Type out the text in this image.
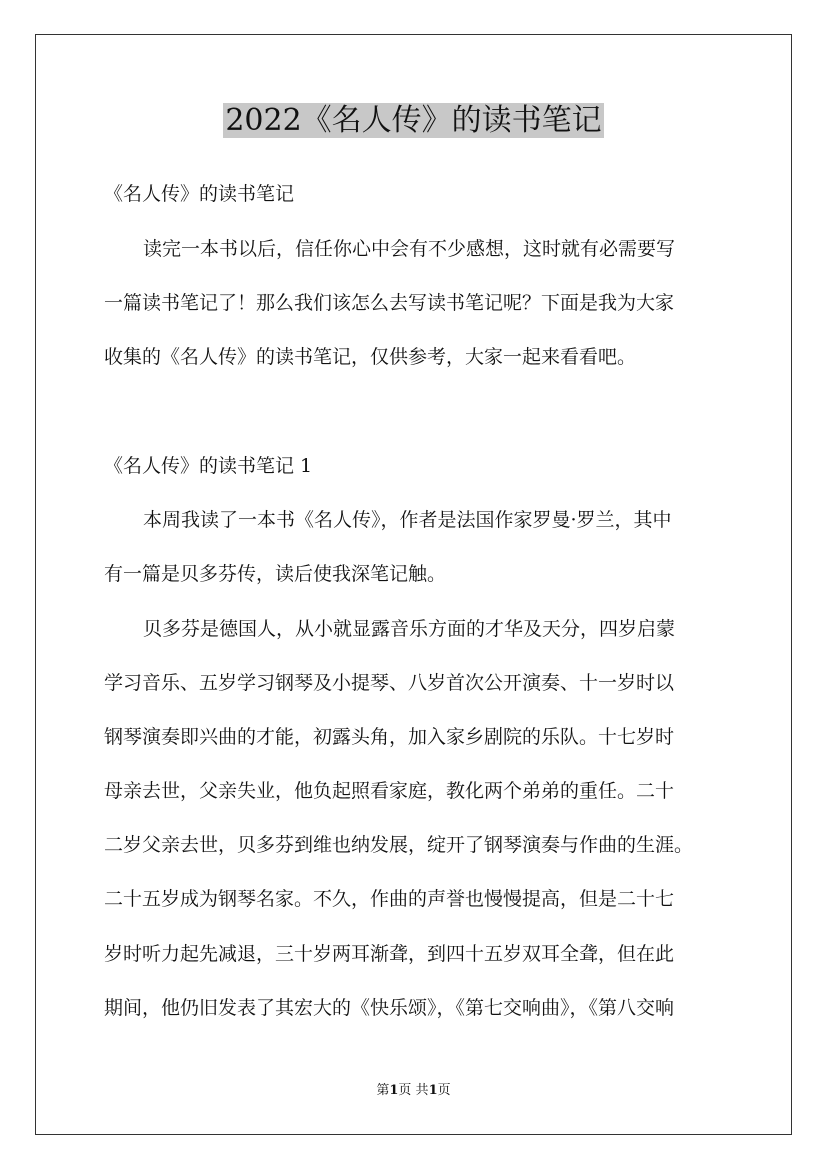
2022《名人传》的读书笔记

《名人传》的读书笔记

读完一本书以后，信任你心中会有不少感想，这时就有必需要写

一篇读书笔记了！那么我们该怎么去写读书笔记呢？下面是我为大家

收集的《名人传》的读书笔记，仅供参考，大家一起来看看吧。

《名人传》的读书笔记 1

本周我读了一本书《名人传》，作者是法国作家罗曼·罗兰，其中

有一篇是贝多芬传，读后使我深笔记触。

贝多芬是德国人，从小就显露音乐方面的才华及天分，四岁启蒙

学习音乐、五岁学习钢琴及小提琴、八岁首次公开演奏、十一岁时以

钢琴演奏即兴曲的才能，初露头角，加入家乡剧院的乐队。十七岁时

母亲去世，父亲失业，他负起照看家庭，教化两个弟弟的重任。二十

二岁父亲去世，贝多芬到维也纳发展，绽开了钢琴演奏与作曲的生涯。

二十五岁成为钢琴名家。不久，作曲的声誉也慢慢提高，但是二十七

岁时听力起先减退，三十岁两耳渐聋，到四十五岁双耳全聋，但在此

期间，他仍旧发表了其宏大的《快乐颂》，《第七交响曲》，《第八交响

第1页 共1页
